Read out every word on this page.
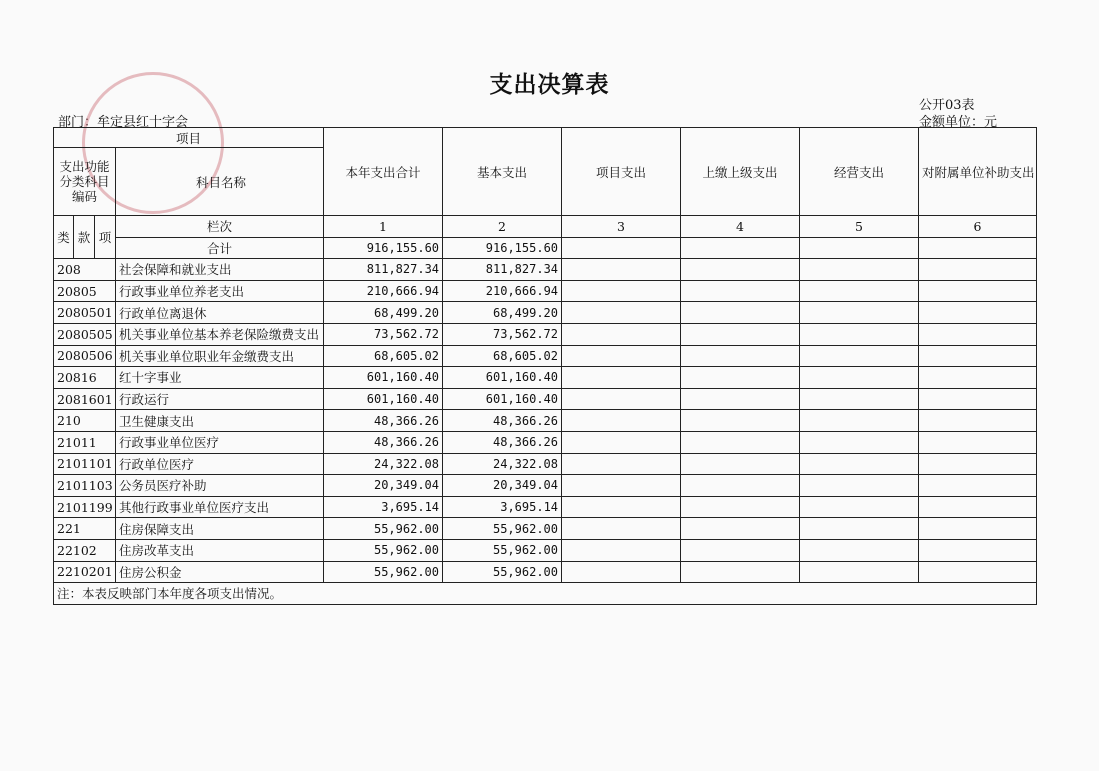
支出决算表
部门：牟定县红十字会
公开03表
金额单位：元
项目				本年支出合计	基本支出	项目支出	上缴上级支出	经营支出	对附属单位补助支出
支出功能分类科目编码			科目名称						
类	款	项	栏次	1	2	3	4	5	6
			合计	916,155.60	916,155.60				
208			社会保障和就业支出	811,827.34	811,827.34				
20805			行政事业单位养老支出	210,666.94	210,666.94				
2080501			行政单位离退休	68,499.20	68,499.20				
2080505			机关事业单位基本养老保险缴费支出	73,562.72	73,562.72				
2080506			机关事业单位职业年金缴费支出	68,605.02	68,605.02				
20816			红十字事业	601,160.40	601,160.40				
2081601			行政运行	601,160.40	601,160.40				
210			卫生健康支出	48,366.26	48,366.26				
21011			行政事业单位医疗	48,366.26	48,366.26				
2101101			行政单位医疗	24,322.08	24,322.08				
2101103			公务员医疗补助	20,349.04	20,349.04				
2101199			其他行政事业单位医疗支出	3,695.14	3,695.14				
221			住房保障支出	55,962.00	55,962.00				
22102			住房改革支出	55,962.00	55,962.00				
2210201			住房公积金	55,962.00	55,962.00				
注：本表反映部门本年度各项支出情况。									
